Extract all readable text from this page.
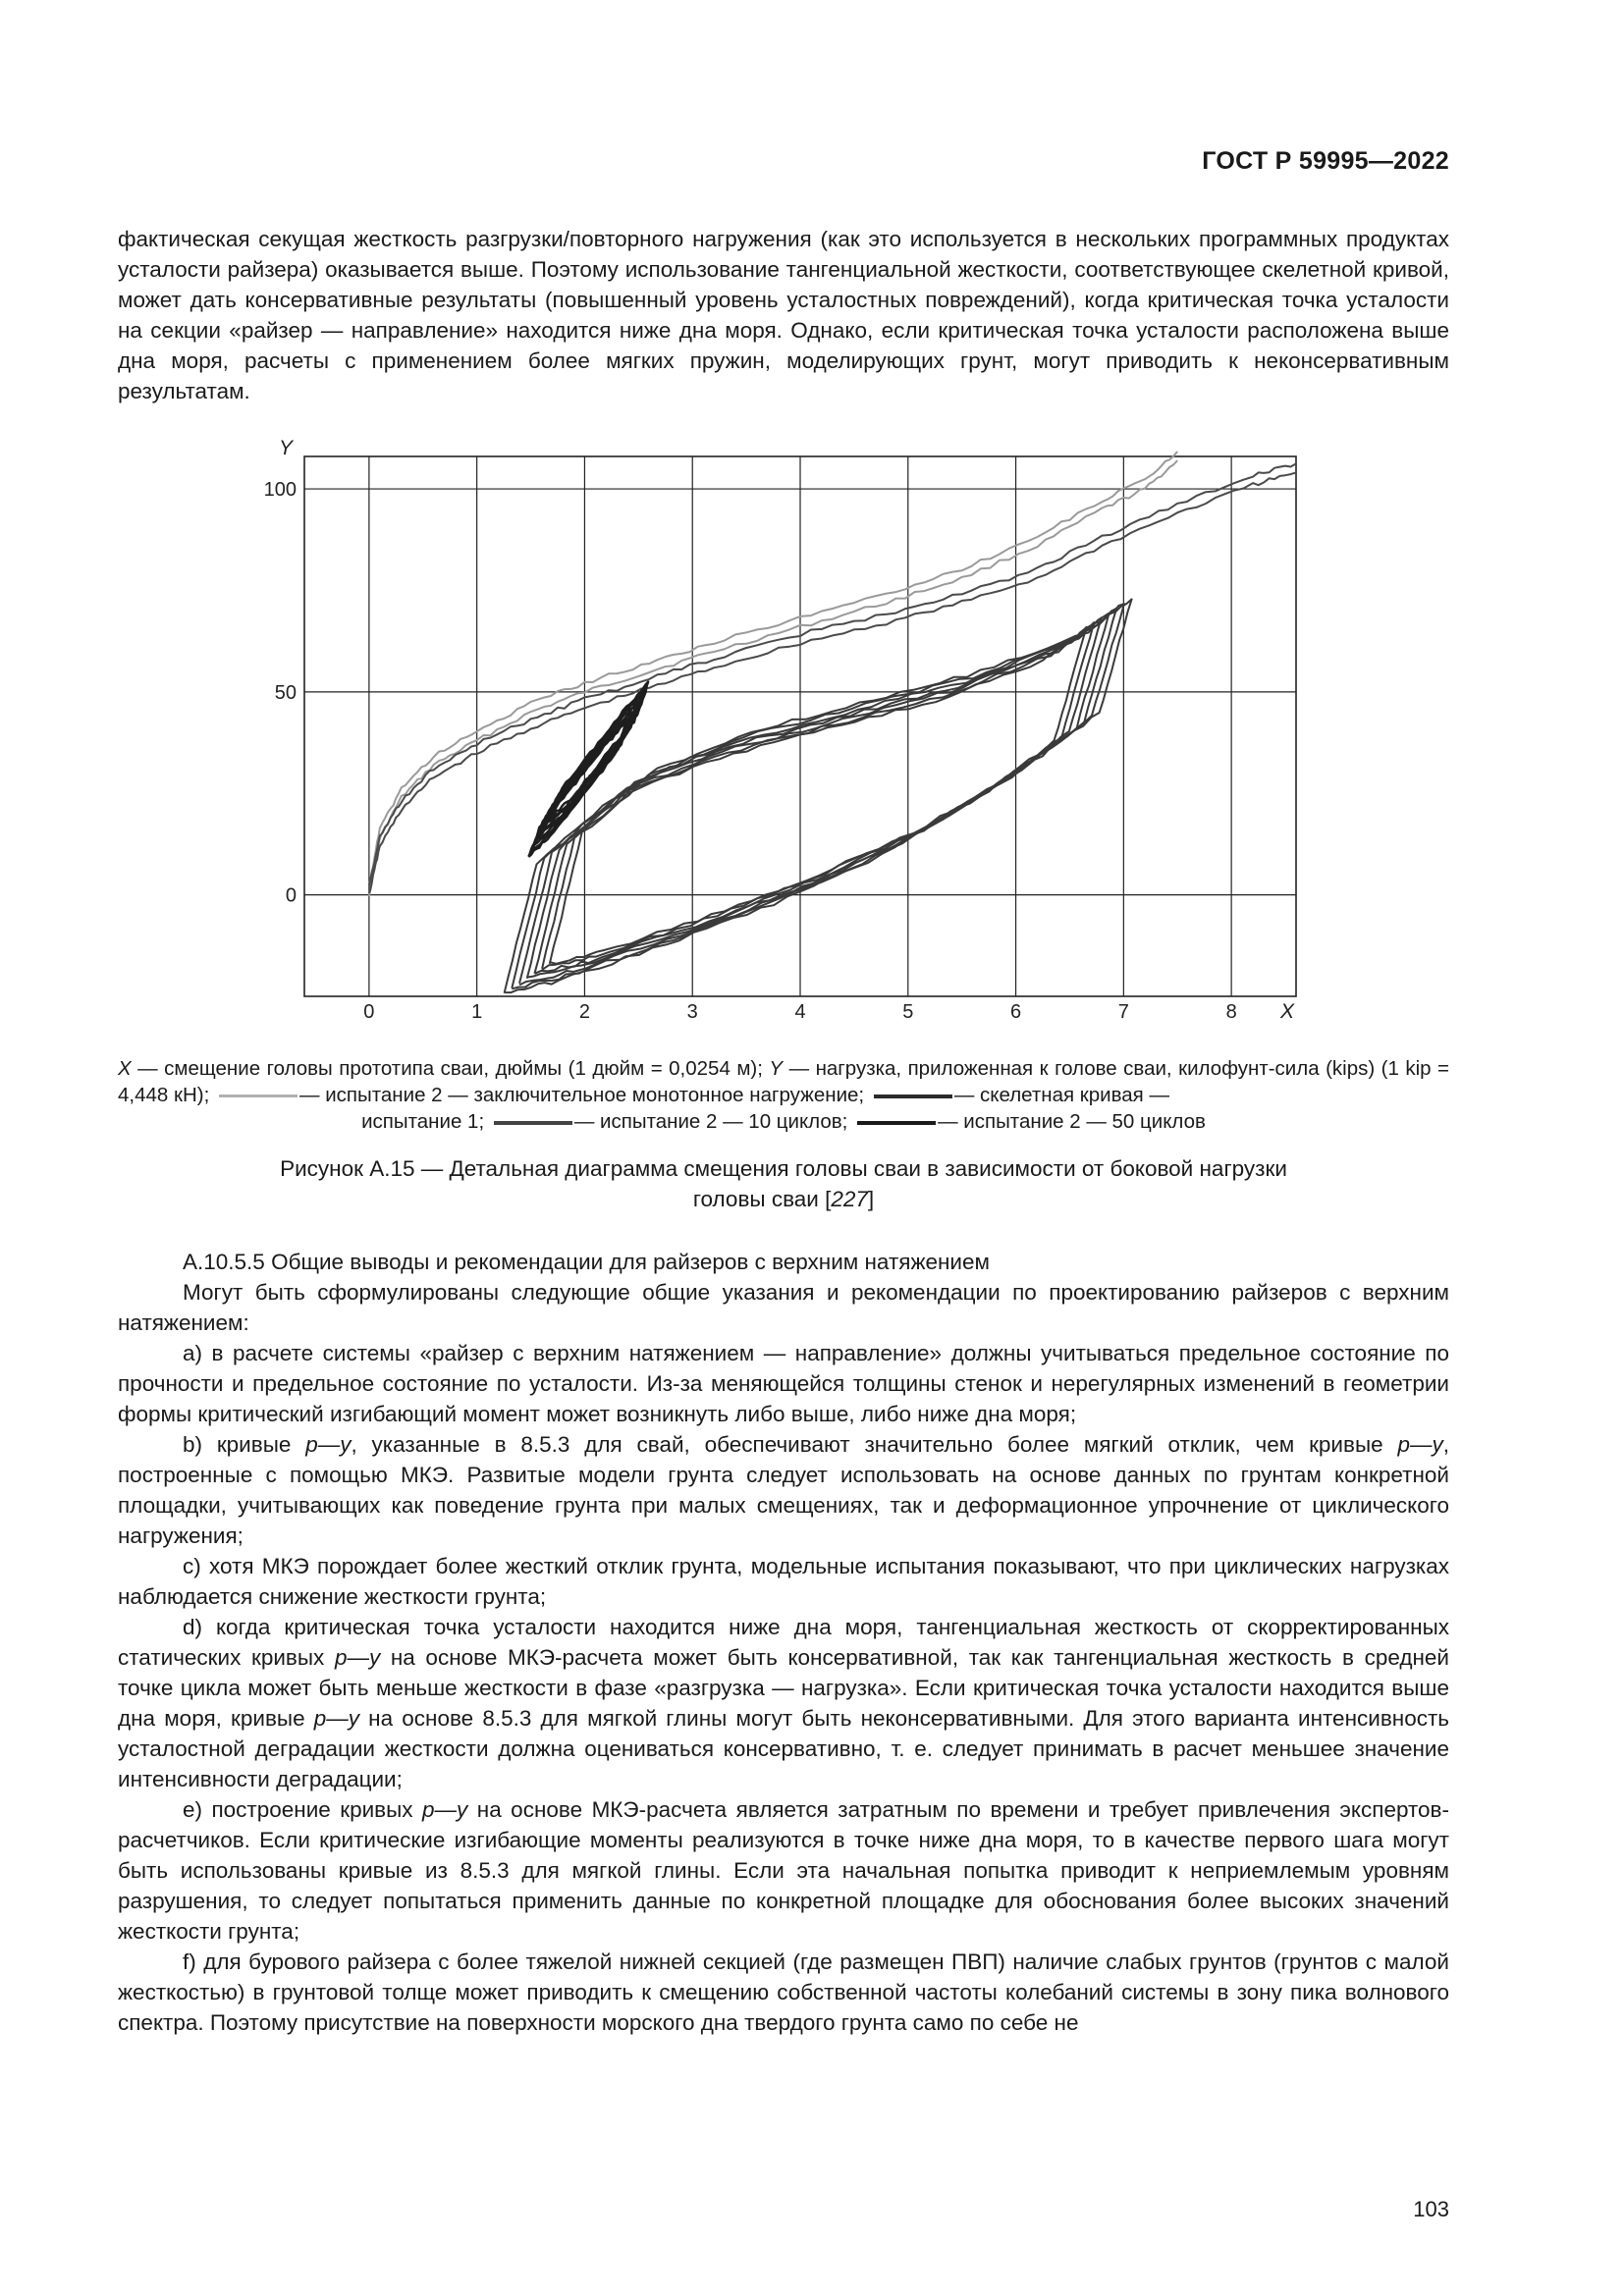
ГОСТ Р 59995—2022

фактическая секущая жесткость разгрузки/повторного нагружения (как это используется в нескольких программных продуктах усталости райзера) оказывается выше. Поэтому использование тангенциальной жесткости, соответствующее скелетной кривой, может дать консервативные результаты (повышенный уровень усталостных повреждений), когда критическая точка усталости на секции «райзер — направление» находится ниже дна моря. Однако, если критическая точка усталости расположена выше дна моря, расчеты с применением более мягких пружин, моделирующих грунт, могут приводить к неконсервативным результатам.

0	1	2	3	4	5	6	7	8
0
50
100
X
Y
X — смещение головы прототипа сваи, дюймы (1 дюйм = 0,0254 м); Y — нагрузка, приложенная к голове сваи, килофунт-сила (kips) (1 kip = 4,448 кН);	— испытание 2 — заключительное монотонное нагружение;	— скелетная кривая —
испытание 1;	— испытание 2 — 10 циклов;	— испытание 2 — 50 циклов
Рисунок А.15 — Детальная диаграмма смещения головы сваи в зависимости от боковой нагрузки
головы сваи [227]

А.10.5.5 Общие выводы и рекомендации для райзеров с верхним натяжением

Могут быть сформулированы следующие общие указания и рекомендации по проектированию райзеров с верхним натяжением:

а) в расчете системы «райзер с верхним натяжением — направление» должны учитываться предельное состояние по прочности и предельное состояние по усталости. Из-за меняющейся толщины стенок и нерегулярных изменений в геометрии формы критический изгибающий момент может возникнуть либо выше, либо ниже дна моря;

b) кривые p—y, указанные в 8.5.3 для свай, обеспечивают значительно более мягкий отклик, чем кривые p—y, построенные с помощью МКЭ. Развитые модели грунта следует использовать на основе данных по грунтам конкретной площадки, учитывающих как поведение грунта при малых смещениях, так и деформационное упрочнение от циклического нагружения;

с) хотя МКЭ порождает более жесткий отклик грунта, модельные испытания показывают, что при циклических нагрузках наблюдается снижение жесткости грунта;

d) когда критическая точка усталости находится ниже дна моря, тангенциальная жесткость от скорректированных статических кривых p—y на основе МКЭ-расчета может быть консервативной, так как тангенциальная жесткость в средней точке цикла может быть меньше жесткости в фазе «разгрузка — нагрузка». Если критическая точка усталости находится выше дна моря, кривые p—y на основе 8.5.3 для мягкой глины могут быть неконсервативными. Для этого варианта интенсивность усталостной деградации жесткости должна оцениваться консервативно, т. е. следует принимать в расчет меньшее значение интенсивности деградации;

е) построение кривых p—y на основе МКЭ-расчета является затратным по времени и требует привлечения экспертов-расчетчиков. Если критические изгибающие моменты реализуются в точке ниже дна моря, то в качестве первого шага могут быть использованы кривые из 8.5.3 для мягкой глины. Если эта начальная попытка приводит к неприемлемым уровням разрушения, то следует попытаться применить данные по конкретной площадке для обоснования более высоких значений жесткости грунта;

f) для бурового райзера с более тяжелой нижней секцией (где размещен ПВП) наличие слабых грунтов (грунтов с малой жесткостью) в грунтовой толще может приводить к смещению собственной частоты колебаний системы в зону пика волнового спектра. Поэтому присутствие на поверхности морского дна твердого грунта само по себе не

103
